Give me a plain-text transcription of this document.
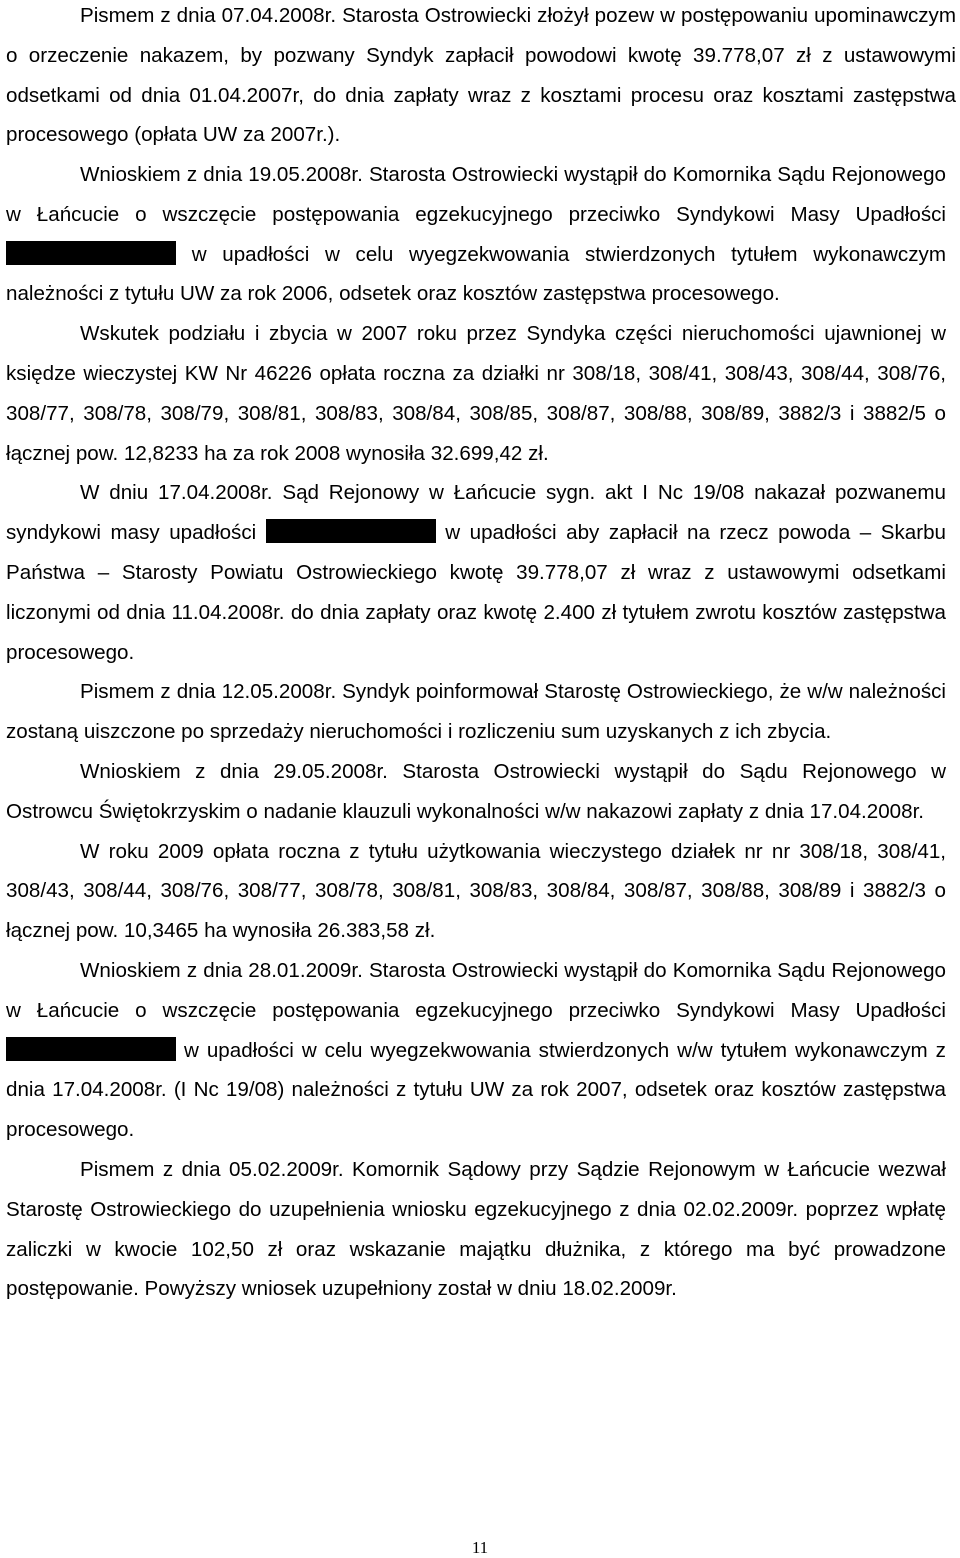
Pismem z dnia 07.04.2008r. Starosta Ostrowiecki złożył pozew w postępowaniu upominawczym o orzeczenie nakazem, by pozwany Syndyk zapłacił powodowi kwotę 39.778,07 zł z ustawowymi odsetkami od dnia 01.04.2007r, do dnia zapłaty wraz z kosztami procesu oraz kosztami zastępstwa procesowego (opłata UW za 2007r.).

Wnioskiem z dnia 19.05.2008r. Starosta Ostrowiecki wystąpił do Komornika Sądu Rejonowego w Łańcucie o wszczęcie postępowania egzekucyjnego przeciwko Syndykowi Masy Upadłości  w upadłości w celu wyegzekwowania stwierdzonych tytułem wykonawczym należności z tytułu UW za rok 2006, odsetek oraz kosztów zastępstwa procesowego.

Wskutek podziału i zbycia w 2007 roku przez Syndyka części nieruchomości ujawnionej w księdze wieczystej KW Nr 46226 opłata roczna za działki nr 308/18, 308/41, 308/43, 308/44, 308/76, 308/77, 308/78, 308/79, 308/81, 308/83, 308/84, 308/85, 308/87, 308/88, 308/89, 3882/3 i 3882/5 o łącznej pow. 12,8233 ha za rok 2008 wynosiła 32.699,42 zł.

W dniu 17.04.2008r. Sąd Rejonowy w Łańcucie sygn. akt I Nc 19/08 nakazał pozwanemu syndykowi masy upadłości	w upadłości aby zapłacił na rzecz powoda – Skarbu Państwa – Starosty Powiatu Ostrowieckiego kwotę 39.778,07 zł wraz z ustawowymi odsetkami liczonymi od dnia 11.04.2008r. do dnia zapłaty oraz kwotę 2.400 zł tytułem zwrotu kosztów zastępstwa procesowego.

Pismem z dnia 12.05.2008r. Syndyk poinformował Starostę Ostrowieckiego, że w/w należności zostaną uiszczone po sprzedaży nieruchomości i rozliczeniu sum uzyskanych z ich zbycia.

Wnioskiem z dnia 29.05.2008r. Starosta Ostrowiecki wystąpił do Sądu Rejonowego w Ostrowcu Świętokrzyskim o nadanie klauzuli wykonalności w/w nakazowi zapłaty z dnia 17.04.2008r.

W roku 2009 opłata roczna z tytułu użytkowania wieczystego działek nr nr 308/18, 308/41, 308/43, 308/44, 308/76, 308/77, 308/78, 308/81, 308/83, 308/84, 308/87, 308/88, 308/89 i 3882/3 o łącznej pow. 10,3465 ha wynosiła 26.383,58 zł.

Wnioskiem z dnia 28.01.2009r. Starosta Ostrowiecki wystąpił do Komornika Sądu Rejonowego w Łańcucie o wszczęcie postępowania egzekucyjnego przeciwko Syndykowi Masy Upadłości  w upadłości w celu wyegzekwowania stwierdzonych w/w tytułem wykonawczym z dnia 17.04.2008r. (I Nc 19/08) należności z tytułu UW za rok 2007, odsetek oraz kosztów zastępstwa procesowego.

Pismem z dnia 05.02.2009r. Komornik Sądowy przy Sądzie Rejonowym w Łańcucie wezwał Starostę Ostrowieckiego do uzupełnienia wniosku egzekucyjnego z dnia 02.02.2009r. poprzez wpłatę zaliczki w kwocie 102,50 zł oraz wskazanie majątku dłużnika, z którego ma być prowadzone postępowanie. Powyższy wniosek uzupełniony został w dniu 18.02.2009r.

11
